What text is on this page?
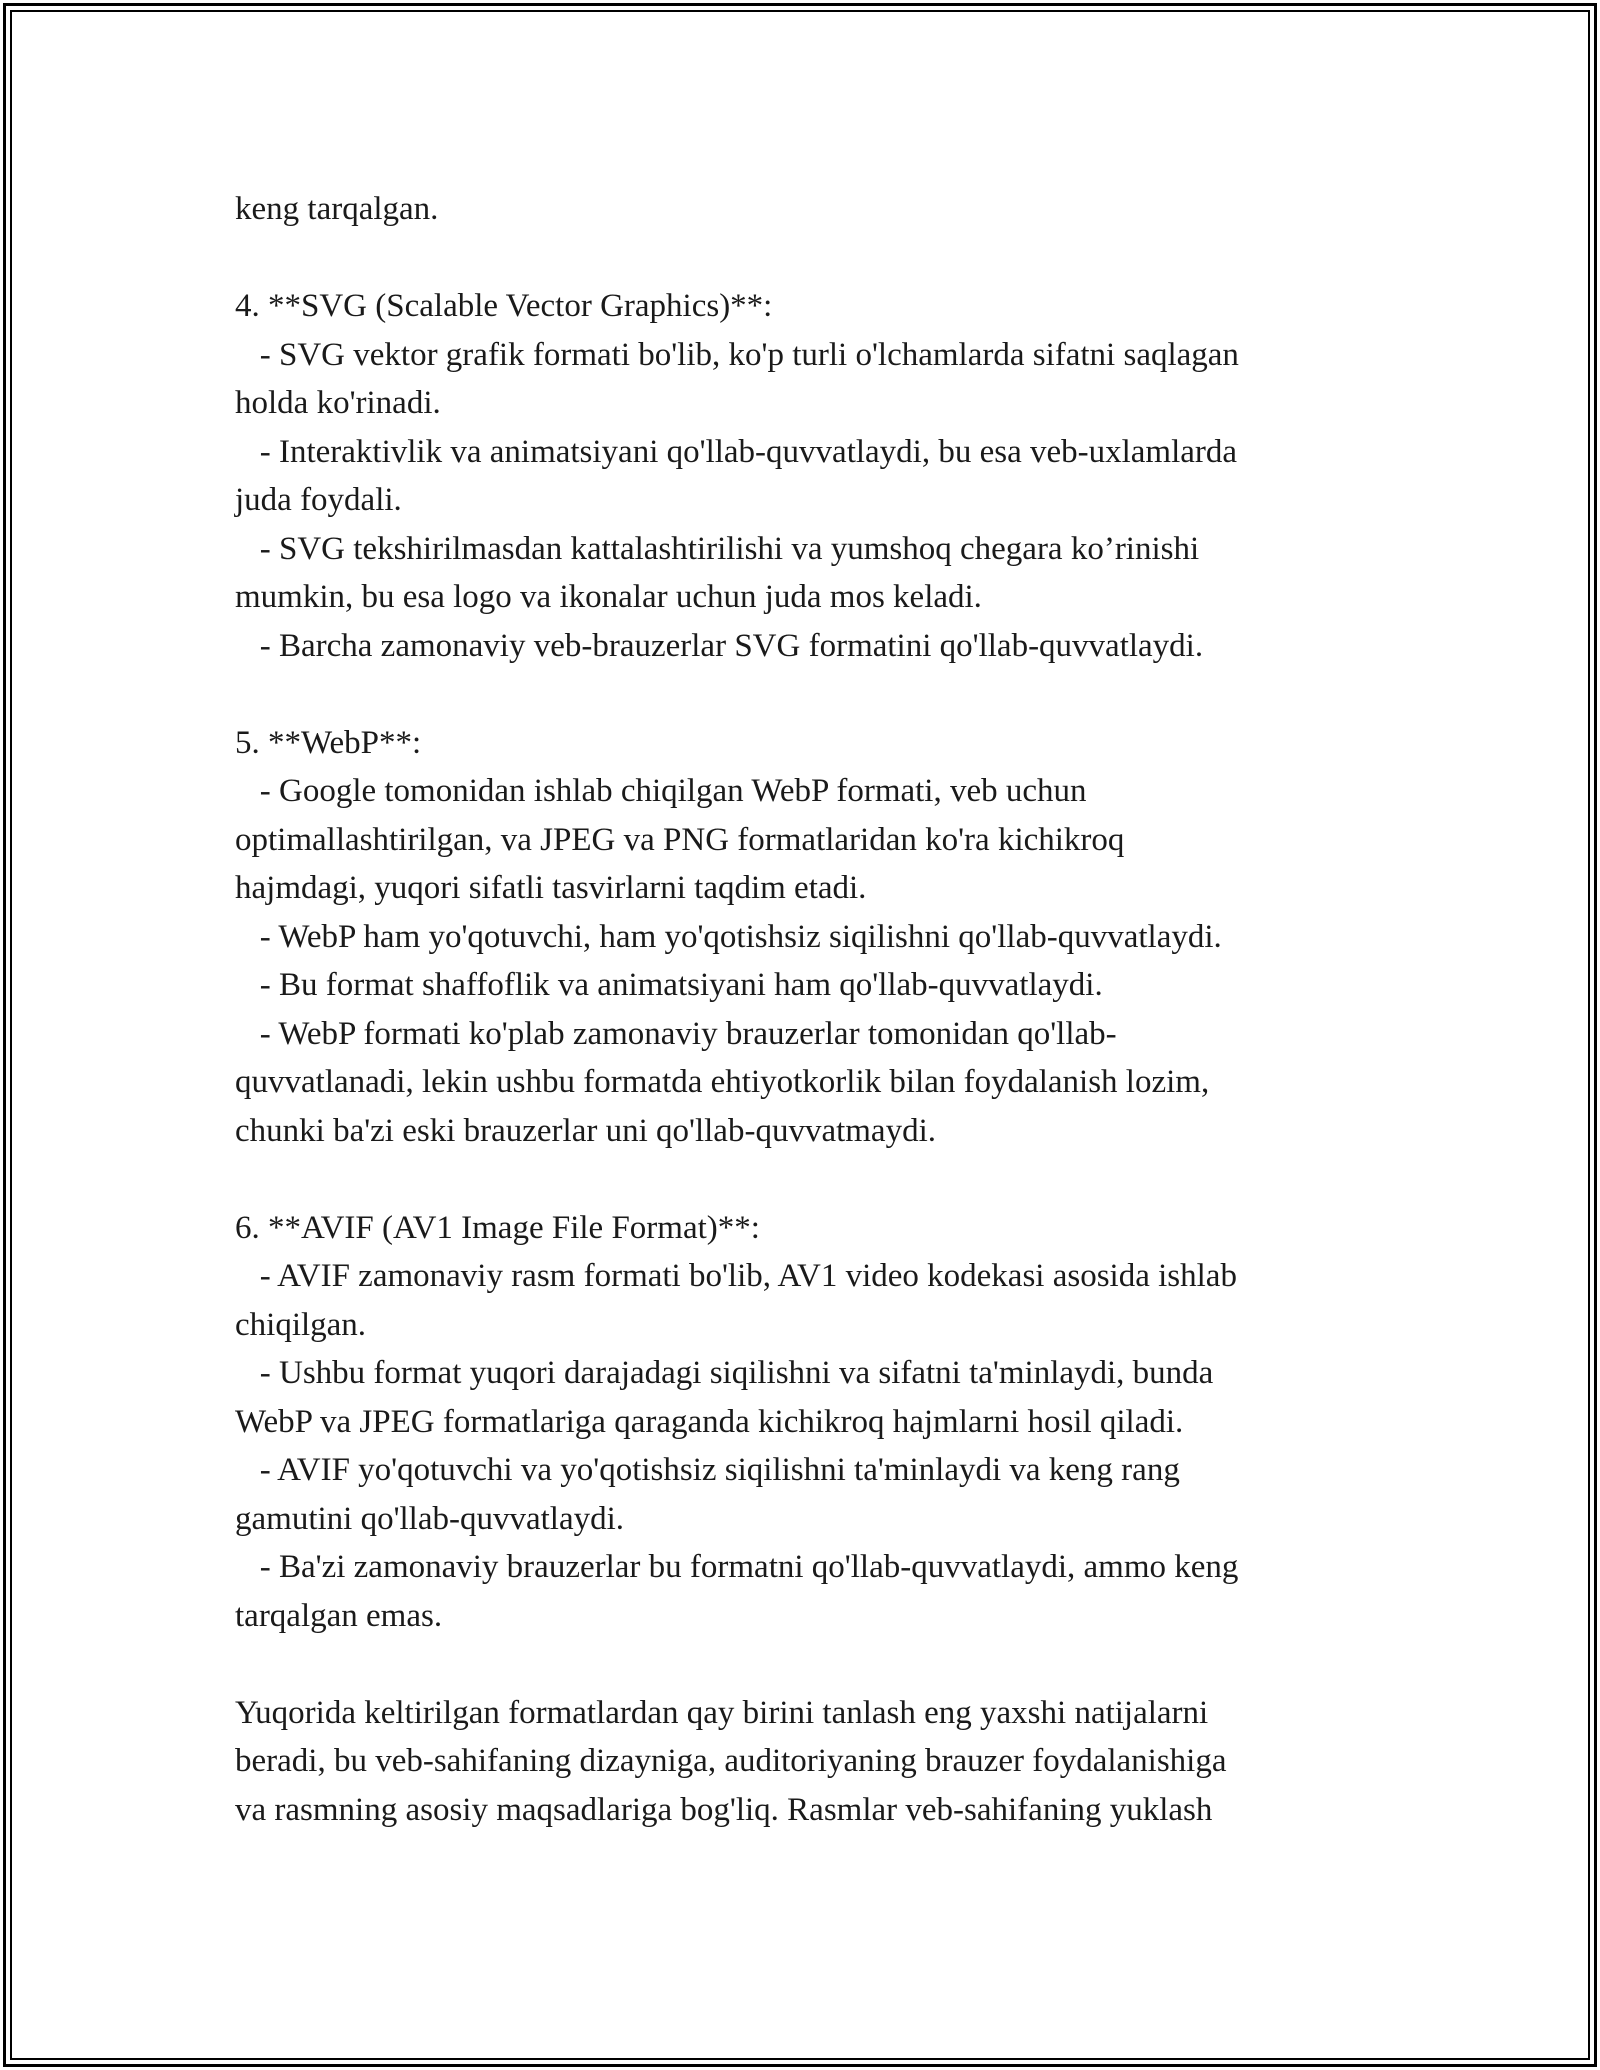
keng tarqalgan.
4. **SVG (Scalable Vector Graphics)**:
- SVG vektor grafik formati bo'lib, ko'p turli o'lchamlarda sifatni saqlagan
holda ko'rinadi.
- Interaktivlik va animatsiyani qo'llab-quvvatlaydi, bu esa veb-uxlamlarda
juda foydali.
- SVG tekshirilmasdan kattalashtirilishi va yumshoq chegara ko’rinishi
mumkin, bu esa logo va ikonalar uchun juda mos keladi.
- Barcha zamonaviy veb-brauzerlar SVG formatini qo'llab-quvvatlaydi.
5. **WebP**:
- Google tomonidan ishlab chiqilgan WebP formati, veb uchun
optimallashtirilgan, va JPEG va PNG formatlaridan ko'ra kichikroq
hajmdagi, yuqori sifatli tasvirlarni taqdim etadi.
- WebP ham yo'qotuvchi, ham yo'qotishsiz siqilishni qo'llab-quvvatlaydi.
- Bu format shaffoflik va animatsiyani ham qo'llab-quvvatlaydi.
- WebP formati ko'plab zamonaviy brauzerlar tomonidan qo'llab-
quvvatlanadi, lekin ushbu formatda ehtiyotkorlik bilan foydalanish lozim,
chunki ba'zi eski brauzerlar uni qo'llab-quvvatmaydi.
6. **AVIF (AV1 Image File Format)**:
- AVIF zamonaviy rasm formati bo'lib, AV1 video kodekasi asosida ishlab
chiqilgan.
- Ushbu format yuqori darajadagi siqilishni va sifatni ta'minlaydi, bunda
WebP va JPEG formatlariga qaraganda kichikroq hajmlarni hosil qiladi.
- AVIF yo'qotuvchi va yo'qotishsiz siqilishni ta'minlaydi va keng rang
gamutini qo'llab-quvvatlaydi.
- Ba'zi zamonaviy brauzerlar bu formatni qo'llab-quvvatlaydi, ammo keng
tarqalgan emas.
Yuqorida keltirilgan formatlardan qay birini tanlash eng yaxshi natijalarni
beradi, bu veb-sahifaning dizayniga, auditoriyaning brauzer foydalanishiga
va rasmning asosiy maqsadlariga bog'liq. Rasmlar veb-sahifaning yuklash
